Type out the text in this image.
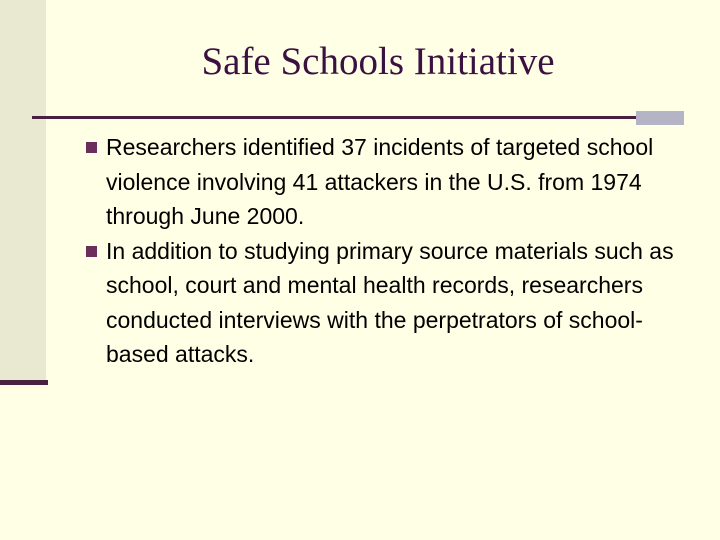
Safe Schools Initiative
Researchers identified 37 incidents of targeted school violence involving 41 attackers in the U.S. from 1974 through June 2000.
In addition to studying primary source materials such as school, court and mental health records, researchers conducted interviews with the perpetrators of school-based attacks.
